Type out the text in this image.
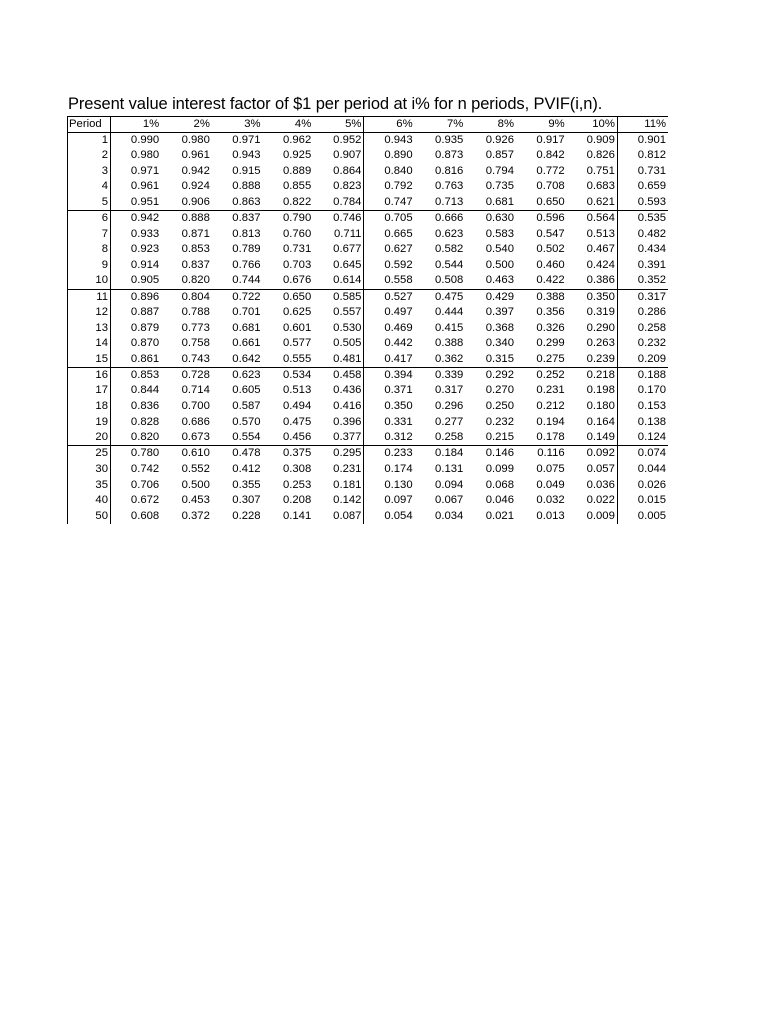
Present value interest factor of $1 per period at i% for n periods, PVIF(i,n).
Period	1%	2%	3%	4%	5%	6%	7%	8%	9%	10%	11%
1	0.990	0.980	0.971	0.962	0.952	0.943	0.935	0.926	0.917	0.909	0.901
2	0.980	0.961	0.943	0.925	0.907	0.890	0.873	0.857	0.842	0.826	0.812
3	0.971	0.942	0.915	0.889	0.864	0.840	0.816	0.794	0.772	0.751	0.731
4	0.961	0.924	0.888	0.855	0.823	0.792	0.763	0.735	0.708	0.683	0.659
5	0.951	0.906	0.863	0.822	0.784	0.747	0.713	0.681	0.650	0.621	0.593
6	0.942	0.888	0.837	0.790	0.746	0.705	0.666	0.630	0.596	0.564	0.535
7	0.933	0.871	0.813	0.760	0.711	0.665	0.623	0.583	0.547	0.513	0.482
8	0.923	0.853	0.789	0.731	0.677	0.627	0.582	0.540	0.502	0.467	0.434
9	0.914	0.837	0.766	0.703	0.645	0.592	0.544	0.500	0.460	0.424	0.391
10	0.905	0.820	0.744	0.676	0.614	0.558	0.508	0.463	0.422	0.386	0.352
11	0.896	0.804	0.722	0.650	0.585	0.527	0.475	0.429	0.388	0.350	0.317
12	0.887	0.788	0.701	0.625	0.557	0.497	0.444	0.397	0.356	0.319	0.286
13	0.879	0.773	0.681	0.601	0.530	0.469	0.415	0.368	0.326	0.290	0.258
14	0.870	0.758	0.661	0.577	0.505	0.442	0.388	0.340	0.299	0.263	0.232
15	0.861	0.743	0.642	0.555	0.481	0.417	0.362	0.315	0.275	0.239	0.209
16	0.853	0.728	0.623	0.534	0.458	0.394	0.339	0.292	0.252	0.218	0.188
17	0.844	0.714	0.605	0.513	0.436	0.371	0.317	0.270	0.231	0.198	0.170
18	0.836	0.700	0.587	0.494	0.416	0.350	0.296	0.250	0.212	0.180	0.153
19	0.828	0.686	0.570	0.475	0.396	0.331	0.277	0.232	0.194	0.164	0.138
20	0.820	0.673	0.554	0.456	0.377	0.312	0.258	0.215	0.178	0.149	0.124
25	0.780	0.610	0.478	0.375	0.295	0.233	0.184	0.146	0.116	0.092	0.074
30	0.742	0.552	0.412	0.308	0.231	0.174	0.131	0.099	0.075	0.057	0.044
35	0.706	0.500	0.355	0.253	0.181	0.130	0.094	0.068	0.049	0.036	0.026
40	0.672	0.453	0.307	0.208	0.142	0.097	0.067	0.046	0.032	0.022	0.015
50	0.608	0.372	0.228	0.141	0.087	0.054	0.034	0.021	0.013	0.009	0.005
